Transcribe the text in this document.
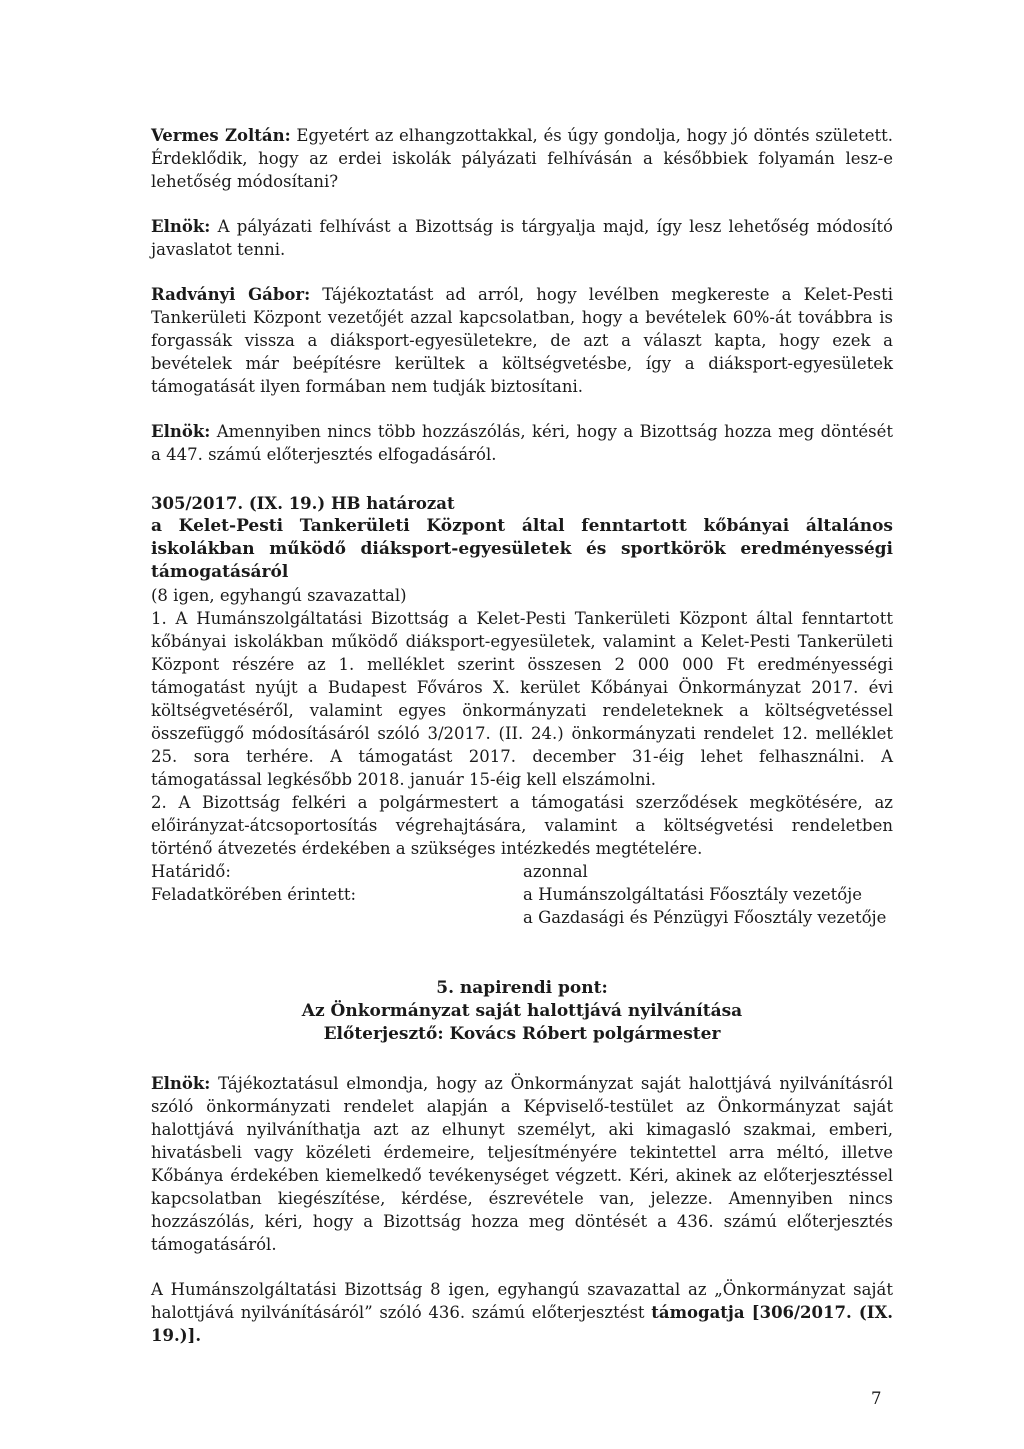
Vermes Zoltán: Egyetért az elhangzottakkal, és úgy gondolja, hogy jó döntés született. Érdeklődik, hogy az erdei iskolák pályázati felhívásán a későbbiek folyamán lesz-e lehetőség módosítani?

Elnök: A pályázati felhívást a Bizottság is tárgyalja majd, így lesz lehetőség módosító javaslatot tenni.

Radványi Gábor: Tájékoztatást ad arról, hogy levélben megkereste a Kelet-Pesti Tankerületi Központ vezetőjét azzal kapcsolatban, hogy a bevételek 60%-át továbbra is forgassák vissza a diáksport-egyesületekre, de azt a választ kapta, hogy ezek a bevételek már beépítésre kerültek a költségvetésbe, így a diáksport-egyesületek támogatását ilyen formában nem tudják biztosítani.

Elnök: Amennyiben nincs több hozzászólás, kéri, hogy a Bizottság hozza meg döntését a 447. számú előterjesztés elfogadásáról.

305/2017. (IX. 19.) HB határozat

a Kelet-Pesti Tankerületi Központ által fenntartott kőbányai általános iskolákban működő diáksport-egyesületek és sportkörök eredményességi támogatásáról

(8 igen, egyhangú szavazattal)

1. A Humánszolgáltatási Bizottság a Kelet-Pesti Tankerületi Központ által fenntartott kőbányai iskolákban működő diáksport-egyesületek, valamint a Kelet-Pesti Tankerületi Központ részére az 1. melléklet szerint összesen 2 000 000 Ft eredményességi támogatást nyújt a Budapest Főváros X. kerület Kőbányai Önkormányzat 2017. évi költségvetéséről, valamint egyes önkormányzati rendeleteknek a költségvetéssel összefüggő módosításáról szóló 3/2017. (II. 24.) önkormányzati rendelet 12. melléklet 25. sora terhére. A támogatást 2017. december 31-éig lehet felhasználni. A támogatással legkésőbb 2018. január 15-éig kell elszámolni.

2. A Bizottság felkéri a polgármestert a támogatási szerződések megkötésére, az előirányzat-átcsoportosítás végrehajtására, valamint a költségvetési rendeletben történő átvezetés érdekében a szükséges intézkedés megtételére.

Határidő:	azonnal
Feladatkörében érintett:	a Humánszolgáltatási Főosztály vezetője
a Gazdasági és Pénzügyi Főosztály vezetője
5. napirendi pont:
Az Önkormányzat saját halottjává nyilvánítása
Előterjesztő: Kovács Róbert polgármester

Elnök: Tájékoztatásul elmondja, hogy az Önkormányzat saját halottjává nyilvánításról szóló önkormányzati rendelet alapján a Képviselő-testület az Önkormányzat saját halottjává nyilváníthatja azt az elhunyt személyt, aki kimagasló szakmai, emberi, hivatásbeli vagy közéleti érdemeire, teljesítményére tekintettel arra méltó, illetve Kőbánya érdekében kiemelkedő tevékenységet végzett. Kéri, akinek az előterjesztéssel kapcsolatban kiegészítése, kérdése, észrevétele van, jelezze. Amennyiben nincs hozzászólás, kéri, hogy a Bizottság hozza meg döntését a 436. számú előterjesztés támogatásáról.

A Humánszolgáltatási Bizottság 8 igen, egyhangú szavazattal az „Önkormányzat saját halottjává nyilvánításáról” szóló 436. számú előterjesztést támogatja [306/2017. (IX. 19.)].

7
